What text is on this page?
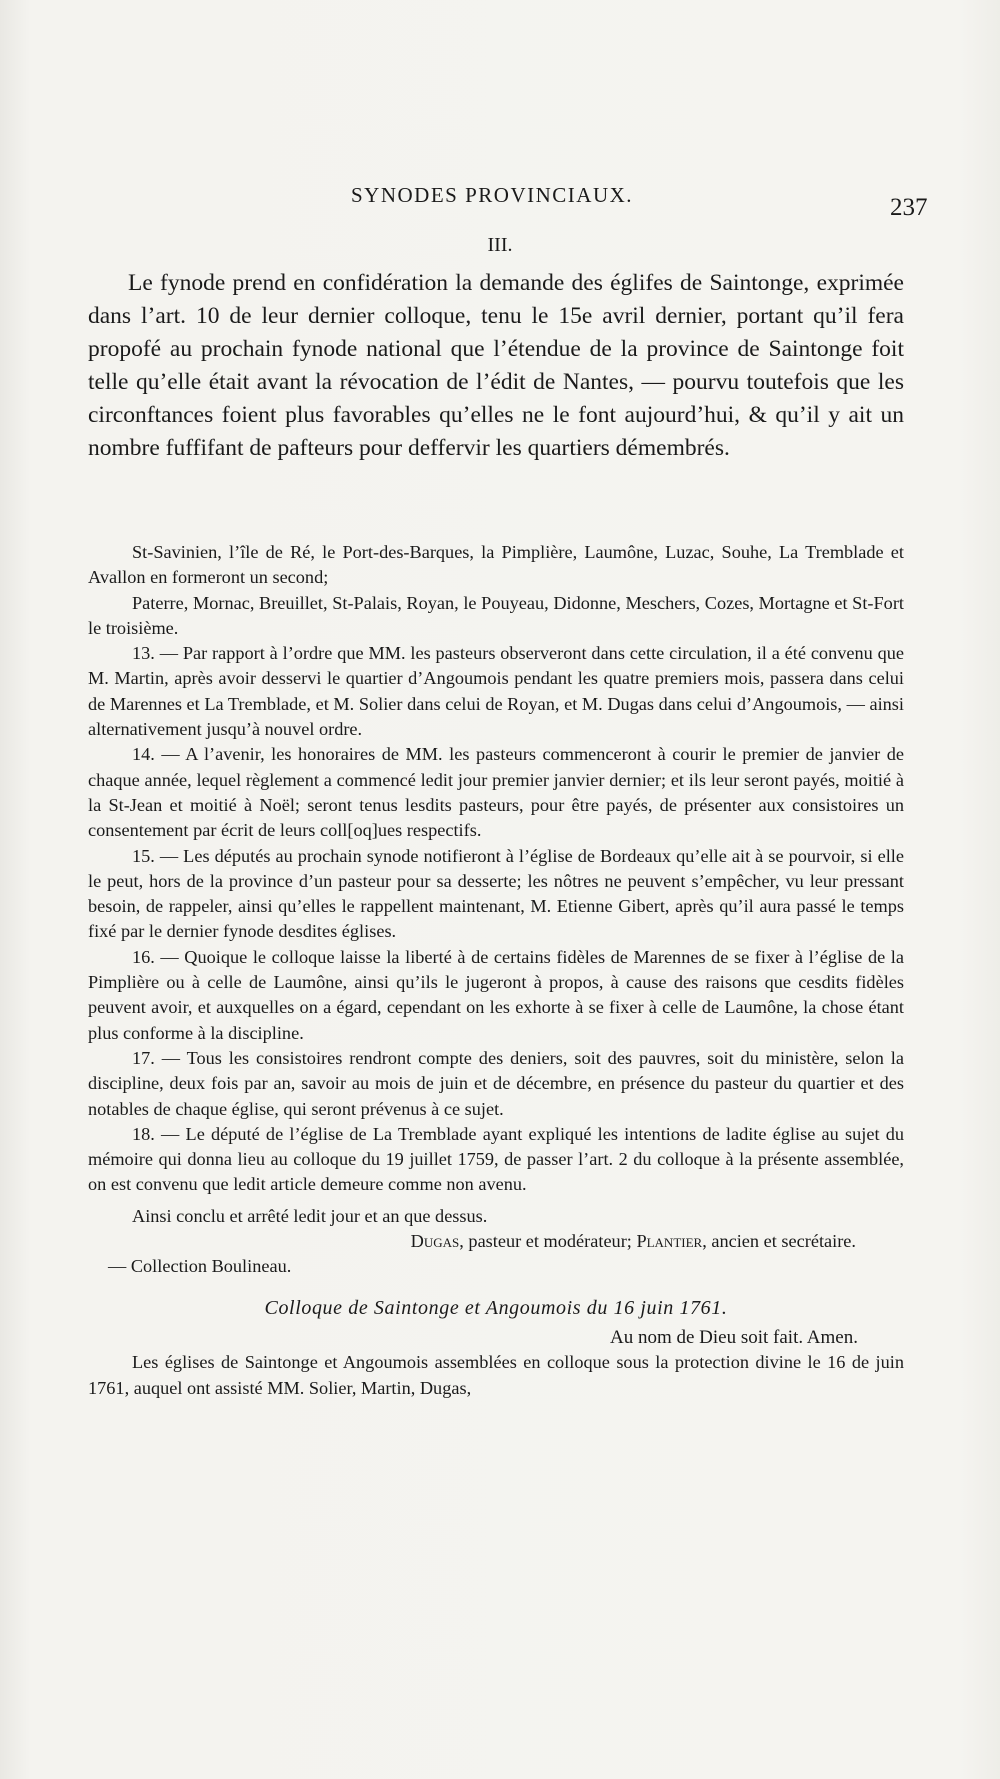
SYNODES PROVINCIAUX.	237
III.

Le fynode prend en confidération la demande des églifes de Saintonge, exprimée dans l’art. 10 de leur dernier colloque, tenu le 15e avril dernier, portant qu’il fera propofé au prochain fynode national que l’étendue de la province de Saintonge foit telle qu’elle était avant la révocation de l’édit de Nantes, — pourvu toutefois que les circonftances foient plus favorables qu’elles ne le font aujourd’hui, & qu’il y ait un nombre fuffifant de pafteurs pour deffervir les quartiers démembrés.

St-Savinien, l’île de Ré, le Port-des-Barques, la Pimplière, Laumône, Luzac, Souhe, La Tremblade et Avallon en formeront un second;

Paterre, Mornac, Breuillet, St-Palais, Royan, le Pouyeau, Didonne, Meschers, Cozes, Mortagne et St-Fort le troisième.

13. — Par rapport à l’ordre que MM. les pasteurs observeront dans cette circulation, il a été convenu que M. Martin, après avoir desservi le quartier d’Angoumois pendant les quatre premiers mois, passera dans celui de Marennes et La Tremblade, et M. Solier dans celui de Royan, et M. Dugas dans celui d’Angoumois, — ainsi alternativement jusqu’à nouvel ordre.

14. — A l’avenir, les honoraires de MM. les pasteurs commenceront à courir le premier de janvier de chaque année, lequel règlement a commencé ledit jour premier janvier dernier; et ils leur seront payés, moitié à la St-Jean et moitié à Noël; seront tenus lesdits pasteurs, pour être payés, de présenter aux consistoires un consentement par écrit de leurs coll[oq]ues respectifs.

15. — Les députés au prochain synode notifieront à l’église de Bordeaux qu’elle ait à se pourvoir, si elle le peut, hors de la province d’un pasteur pour sa desserte; les nôtres ne peuvent s’empêcher, vu leur pressant besoin, de rappeler, ainsi qu’elles le rappellent maintenant, M. Etienne Gibert, après qu’il aura passé le temps fixé par le dernier fynode desdites églises.

16. — Quoique le colloque laisse la liberté à de certains fidèles de Marennes de se fixer à l’église de la Pimplière ou à celle de Laumône, ainsi qu’ils le jugeront à propos, à cause des raisons que cesdits fidèles peuvent avoir, et auxquelles on a égard, cependant on les exhorte à se fixer à celle de Laumône, la chose étant plus conforme à la discipline.

17. — Tous les consistoires rendront compte des deniers, soit des pauvres, soit du ministère, selon la discipline, deux fois par an, savoir au mois de juin et de décembre, en présence du pasteur du quartier et des notables de chaque église, qui seront prévenus à ce sujet.

18. — Le député de l’église de La Tremblade ayant expliqué les intentions de ladite église au sujet du mémoire qui donna lieu au colloque du 19 juillet 1759, de passer l’art. 2 du colloque à la présente assemblée, on est convenu que ledit article demeure comme non avenu.

Ainsi conclu et arrêté ledit jour et an que dessus.

Dugas, pasteur et modérateur; Plantier, ancien et secrétaire.

— Collection Boulineau.

Colloque de Saintonge et Angoumois du 16 juin 1761.

Au nom de Dieu soit fait. Amen.

Les églises de Saintonge et Angoumois assemblées en colloque sous la protection divine le 16 de juin 1761, auquel ont assisté MM. Solier, Martin, Dugas,
